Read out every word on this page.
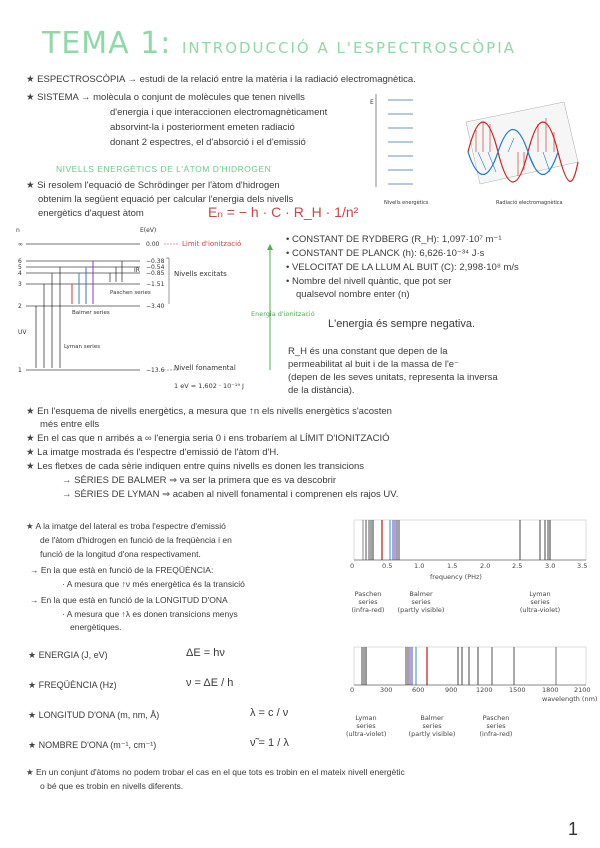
TEMA 1: INTRODUCCIÓ A L'ESPECTROSCÒPIA
★ ESPECTROSCÒPIA → estudi de la relació entre la matèria i la radiació electromagnètica.
★ SISTEMA → molècula o conjunt de molècules que tenen nivells
d'energia i que interaccionen electromagnèticament
absorvint-la i posteriorment emeten radiació
donant 2 espectres, el d'absorció i el d'emissió
E
Nivells energètics	Radiació electromagnètica
NIVELLS ENERGÈTICS DE L'ÀTOM D'HIDROGEN
★ Si resolem l'equació de Schrödinger per l'àtom d'hidrogen
obtenim la següent equació per calcular l'energia dels nivells
energètics d'aquest àtom	Eₙ = − h · C · R_H · 1/n²
n	E(eV)
∞
6
5
4
3
2
1
0.00
−0.38
−0.54
−0.85
−1.51
−3.40
−13.6
Balmer series
Paschen series
Lyman series
UV
IR
Limit d'ionització
Nivells excitats
Nivell fonamental
Energia d'ionització
1 eV = 1,602 · 10⁻¹⁹ J
• CONSTANT DE RYDBERG (R_H): 1,097·10⁷ m⁻¹
• CONSTANT DE PLANCK (h): 6,626·10⁻³⁴ J·s
• VELOCITAT DE LA LLUM AL BUIT (C): 2,998·10⁸ m/s
• Nombre del nivell quàntic, que pot ser
qualsevol nombre enter (n)
L'energia és sempre negativa.
R_H és una constant que depen de la
permeabilitat al buit i de la massa de l'e⁻
(depen de les seves unitats, representa la inversa
de la distància).
★ En l'esquema de nivells energètics, a mesura que ↑n els nivells energètics s'acosten
més entre ells
★ En el cas que n arribés a ∞ l'energia seria 0 i ens trobaríem al LÍMIT D'IONITZACIÓ
★ La imatge mostrada és l'espectre d'emissió de l'àtom d'H.
★ Les fletxes de cada sèrie indiquen entre quins nivells es donen les transicions
→ SÈRIES DE BALMER ⇒ va ser la primera que es va descobrir
→ SÈRIES DE LYMAN ⇒ acaben al nivell fonamental i comprenen els rajos UV.
★ A la imatge del lateral es troba l'espectre d'emissió
de l'àtom d'hidrogen en funció de la freqüència i en
funció de la longitud d'ona respectivament.
→ En la que està en funció de la FREQÜÈNCIA:
· A mesura que ↑ν més energètica és la transició
→ En la que està en funció de la LONGITUD D'ONA
· A mesura que ↑λ es donen transicions menys
energètiques.
0	0.5	1.0	1.5	2.0	2.5	3.0	3.5
frequency (PHz)
Paschen
series
(infra-red)
Balmer
series
(partly visible)
Lyman
series
(ultra-violet)
0	300	600	900	1200	1500	1800 2100
wavelength (nm)
Lyman
series
(ultra-violet)
Balmer
series
(partly visible)
Paschen
series
(infra-red)
★ ENERGIA (J, eV)	ΔE = hν
★ FREQÜÈNCIA (Hz)	ν = ΔE / h
★ LONGITUD D'ONA (m, nm, Å)	λ = c / ν
★ NOMBRE D'ONA (m⁻¹, cm⁻¹)	ν̃ = 1 / λ
★ En un conjunt d'àtoms no podem trobar el cas en el que tots es trobin en el mateix nivell energètic
o bé que es trobin en nivells diferents.
1
